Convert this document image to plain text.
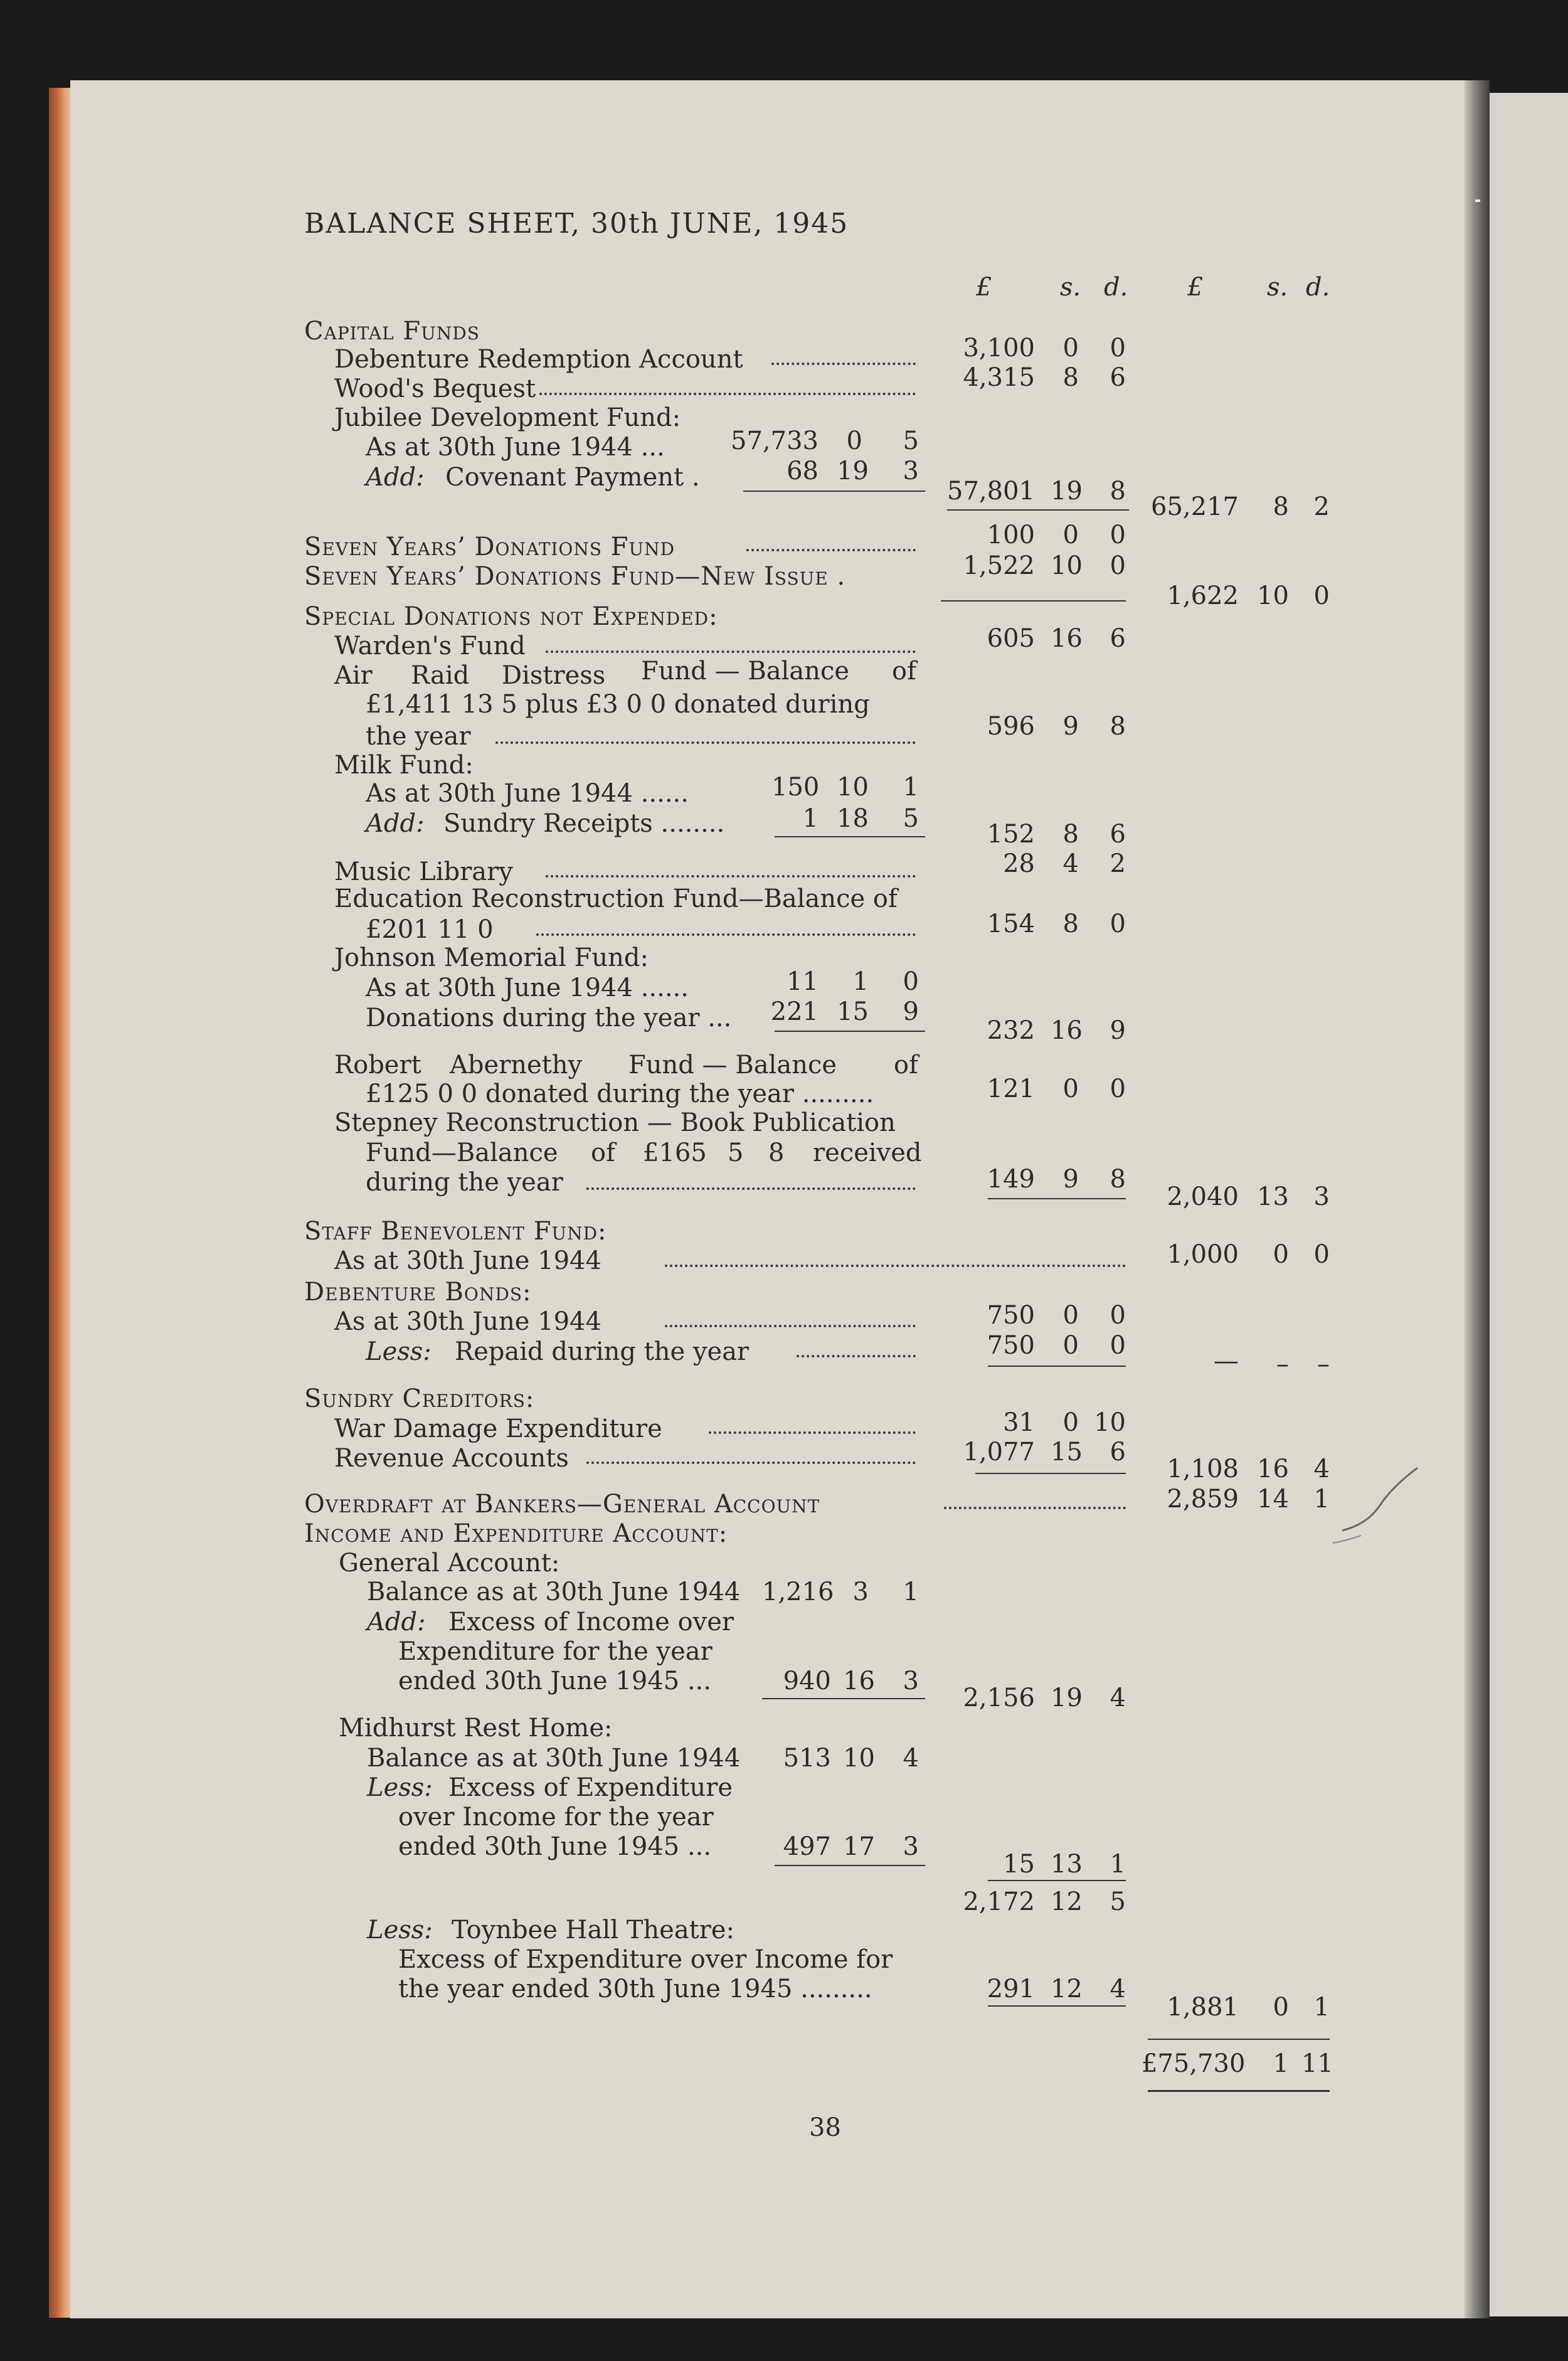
BALANCE SHEET, 30th JUNE, 1945
£	s. d. £	s. d.
Capital Funds
Debenture Redemption Account	3,100	0	0
Wood's Bequest	4,315	8	6
Jubilee Development Fund:
As at 30th June 1944 ...	57,733	0	5
Add: Covenant Payment .	68 19	3
57,801 19	8
65,217	8 2
Seven Years’ Donations Fund	100	0	0
Seven Years’ Donations Fund—New Issue .	1,522 10	0
1,622 10 0
Special Donations not Expended:
Warden's Fund	605 16	6
Air Raid Distress Fund — Balance of
£1,411 13 5 plus £3 0 0 donated during
the year	596	9	8
Milk Fund:
As at 30th June 1944 ......	150 10	1
Add: Sundry Receipts ........	1 18	5
152	8	6
Music Library	28	4	2
Education Reconstruction Fund—Balance of
£201 11 0	154	8	0
Johnson Memorial Fund:
As at 30th June 1944 ......	11	1	0
Donations during the year ...	221 15	9
232 16	9
Robert Abernethy Fund — Balance of
£125 0 0 donated during the year .........	121	0	0
Stepney Reconstruction — Book Publication
Fund—Balance of £165 5 8 received
during the year	149	9	8
2,040 13 3
Staff Benevolent Fund:
As at 30th June 1944	1,000	0 0
Debenture Bonds:
As at 30th June 1944	750	0	0
Less: Repaid during the year	750	0	0
—	– –
Sundry Creditors:
War Damage Expenditure	31	0 10
Revenue Accounts	1,077 15	6
1,108 16 4
Overdraft at Bankers—General Account	2,859 14 1
Income and Expenditure Account:
General Account:
Balance as at 30th June 1944 1,216 3 1
Add: Excess of Income over
Expenditure for the year
ended 30th June 1945 ...	940 16 3
2,156 19	4
Midhurst Rest Home:
Balance as at 30th June 1944	513 10 4
Less: Excess of Expenditure
over Income for the year
ended 30th June 1945 ...	497 17 3
15 13	1
2,172 12	5
Less: Toynbee Hall Theatre:
Excess of Expenditure over Income for
the year ended 30th June 1945 .........	291 12	4
1,881	0 1
£75,730 1 11
38
